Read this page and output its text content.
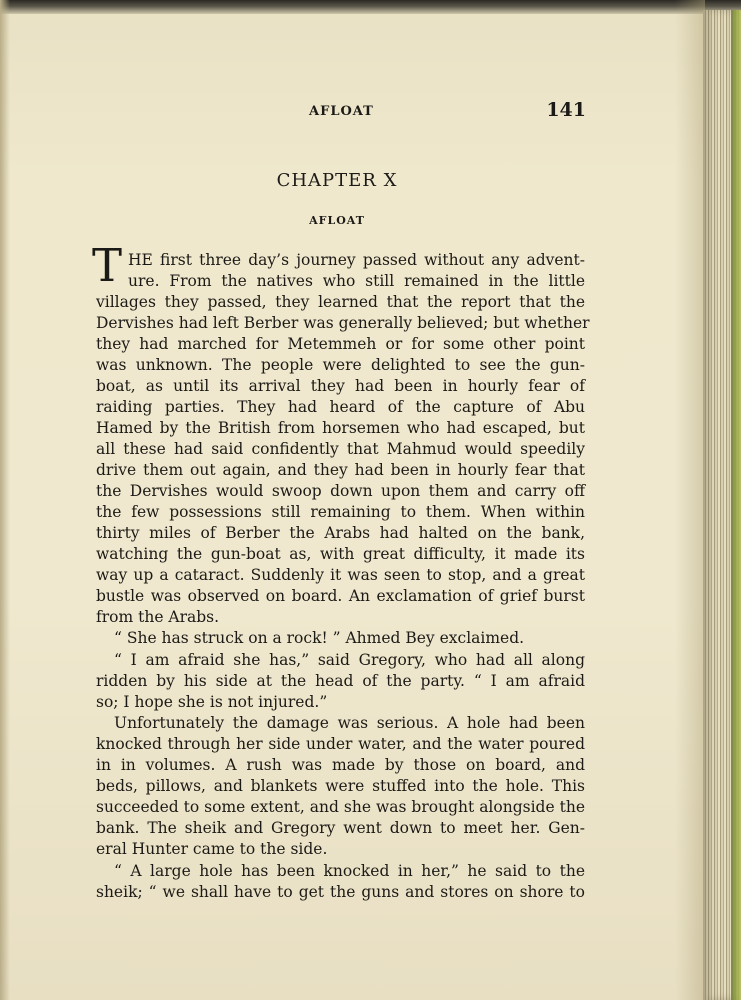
AFLOAT	141
CHAPTER X
AFLOAT
T HE first three day’s journey passed without any advent-
ure. From the natives who still remained in the little
villages they passed, they learned that the report that the
Dervishes had left Berber was generally believed; but whether
they had marched for Metemmeh or for some other point
was unknown. The people were delighted to see the gun-
boat, as until its arrival they had been in hourly fear of
raiding parties. They had heard of the capture of Abu
Hamed by the British from horsemen who had escaped, but
all these had said confidently that Mahmud would speedily
drive them out again, and they had been in hourly fear that
the Dervishes would swoop down upon them and carry off
the few possessions still remaining to them. When within
thirty miles of Berber the Arabs had halted on the bank,
watching the gun-boat as, with great difficulty, it made its
way up a cataract. Suddenly it was seen to stop, and a great
bustle was observed on board. An exclamation of grief burst
from the Arabs.
“ She has struck on a rock! ” Ahmed Bey exclaimed.
“ I am afraid she has,” said Gregory, who had all along
ridden by his side at the head of the party. “ I am afraid
so; I hope she is not injured.”
Unfortunately the damage was serious. A hole had been
knocked through her side under water, and the water poured
in in volumes. A rush was made by those on board, and
beds, pillows, and blankets were stuffed into the hole. This
succeeded to some extent, and she was brought alongside the
bank. The sheik and Gregory went down to meet her. Gen-
eral Hunter came to the side.
“ A large hole has been knocked in her,” he said to the
sheik; “ we shall have to get the guns and stores on shore to
